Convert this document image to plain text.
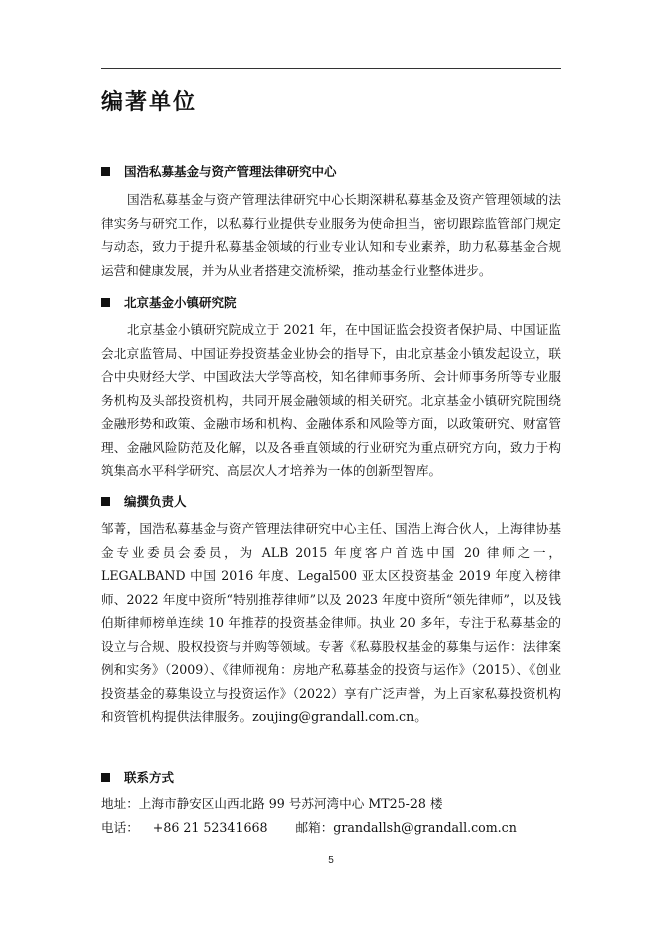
编著单位
国浩私募基金与资产管理法律研究中心

国浩私募基金与资产管理法律研究中心长期深耕私募基金及资产管理领域的法律实务与研究工作，以私募行业提供专业服务为使命担当，密切跟踪监管部门规定与动态，致力于提升私募基金领域的行业专业认知和专业素养，助力私募基金合规运营和健康发展，并为从业者搭建交流桥梁，推动基金行业整体进步。

北京基金小镇研究院

北京基金小镇研究院成立于 2021 年，在中国证监会投资者保护局、中国证监会北京监管局、中国证券投资基金业协会的指导下，由北京基金小镇发起设立，联合中央财经大学、中国政法大学等高校，知名律师事务所、会计师事务所等专业服务机构及头部投资机构，共同开展金融领域的相关研究。北京基金小镇研究院围绕金融形势和政策、金融市场和机构、金融体系和风险等方面，以政策研究、财富管理、金融风险防范及化解，以及各垂直领域的行业研究为重点研究方向，致力于构筑集高水平科学研究、高层次人才培养为一体的创新型智库。

编撰负责人

邹菁，国浩私募基金与资产管理法律研究中心主任、国浩上海合伙人，上海律协基金专业委员会委员，为 ALB 2015 年度客户首选中国 20 律师之一，LEGALBAND 中国 2016 年度、Legal500 亚太区投资基金 2019 年度入榜律师、2022 年度中资所“特别推荐律师”以及 2023 年度中资所“领先律师”，以及钱伯斯律师榜单连续 10 年推荐的投资基金律师。执业 20 多年，专注于私募基金的设立与合规、股权投资与并购等领域。专著《私募股权基金的募集与运作：法律案例和实务》（2009）、《律师视角：房地产私募基金的投资与运作》（2015）、《创业投资基金的募集设立与投资运作》（2022）享有广泛声誉，为上百家私募投资机构和资管机构提供法律服务。zoujing@grandall.com.cn。

联系方式
地址：上海市静安区山西北路 99 号苏河湾中心 MT25-28 楼
电话： +86 21 52341668 邮箱：grandallsh@grandall.com.cn
5
